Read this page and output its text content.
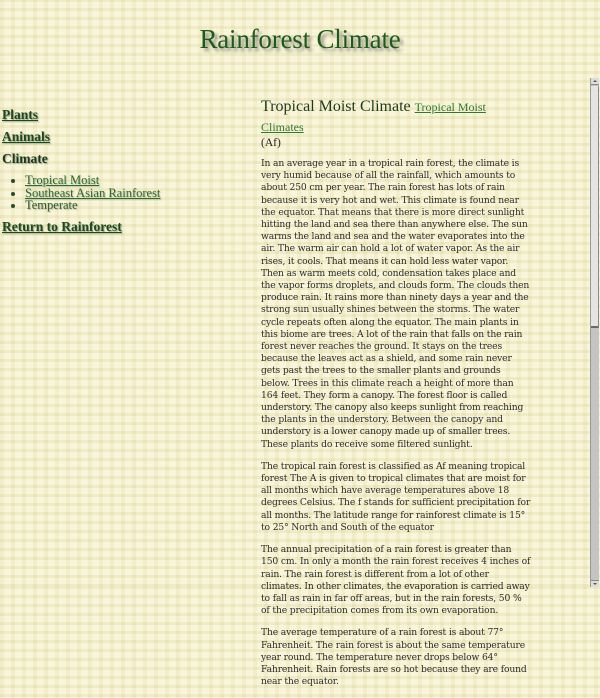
Rainforest Climate
Plants
Animals
Climate
• Tropical Moist
• Southeast Asian Rainforest
• Temperate
Return to Rainforest
Tropical Moist Climate Tropical Moist Climates
(Af)

In an average year in a tropical rain forest, the climate is very humid because of all the rainfall, which amounts to about 250 cm per year. The rain forest has lots of rain because it is very hot and wet. This climate is found near the equator. That means that there is more direct sunlight hitting the land and sea there than anywhere else. The sun warms the land and sea and the water evaporates into the air. The warm air can hold a lot of water vapor. As the air rises, it cools. That means it can hold less water vapor. Then as warm meets cold, condensation takes place and the vapor forms droplets, and clouds form. The clouds then produce rain. It rains more than ninety days a year and the strong sun usually shines between the storms. The water cycle repeats often along the equator. The main plants in this biome are trees. A lot of the rain that falls on the rain forest never reaches the ground. It stays on the trees because the leaves act as a shield, and some rain never gets past the trees to the smaller plants and grounds below. Trees in this climate reach a height of more than 164 feet. They form a canopy. The forest floor is called understory. The canopy also keeps sunlight from reaching the plants in the understory. Between the canopy and understory is a lower canopy made up of smaller trees. These plants do receive some filtered sunlight.

The tropical rain forest is classified as Af meaning tropical forest The A is given to tropical climates that are moist for all months which have average temperatures above 18 degrees Celsius. The f stands for sufficient precipitation for all months. The latitude range for rainforest climate is 15° to 25° North and South of the equator

The annual precipitation of a rain forest is greater than 150 cm. In only a month the rain forest receives 4 inches of rain. The rain forest is different from a lot of other climates. In other climates, the evaporation is carried away to fall as rain in far off areas, but in the rain forests, 50 % of the precipitation comes from its own evaporation.

The average temperature of a rain forest is about 77° Fahrenheit. The rain forest is about the same temperature year round. The temperature never drops below 64° Fahrenheit. Rain forests are so hot because they are found near the equator.
